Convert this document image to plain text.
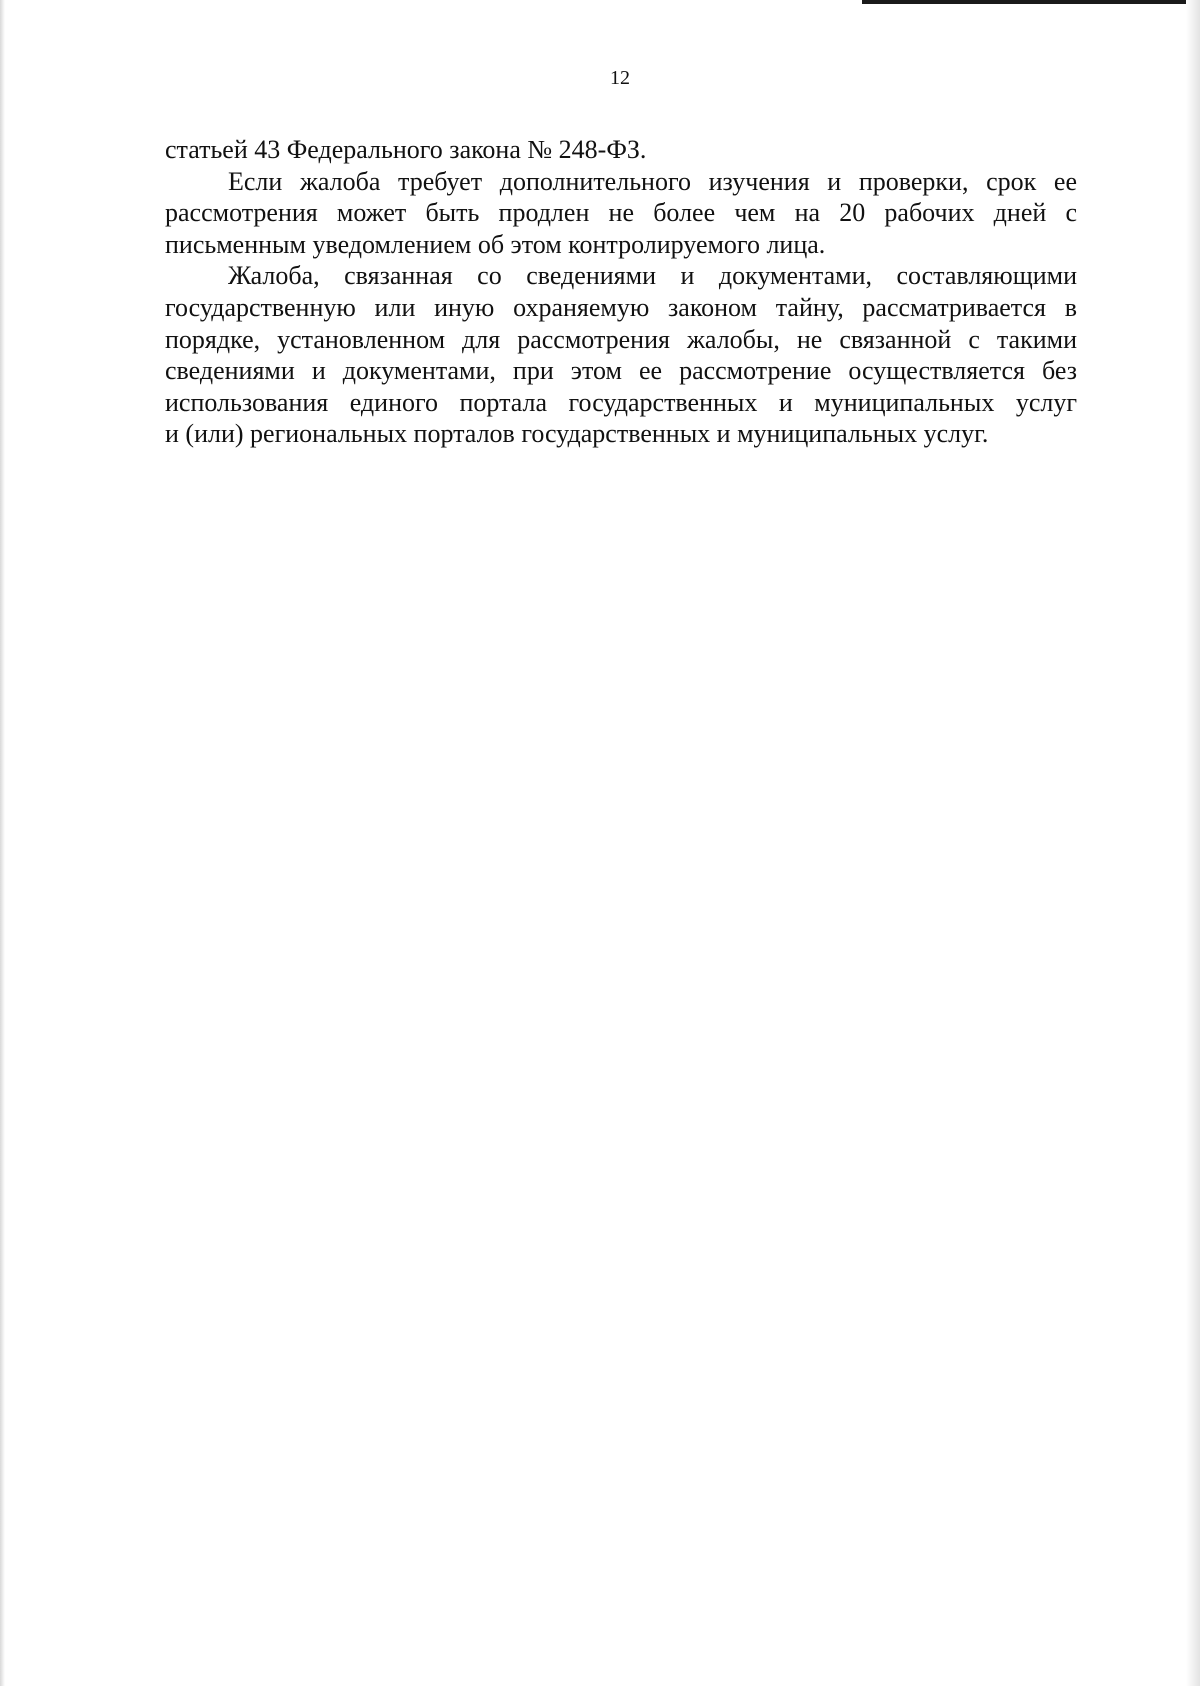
12
статьей 43 Федерального закона № 248-ФЗ.
Если жалоба требует дополнительного изучения и проверки, срок ее
рассмотрения может быть продлен не более чем на 20 рабочих дней с
письменным уведомлением об этом контролируемого лица.
Жалоба, связанная со сведениями и документами, составляющими
государственную или иную охраняемую законом тайну, рассматривается в
порядке, установленном для рассмотрения жалобы, не связанной с такими
сведениями и документами, при этом ее рассмотрение осуществляется без
использования единого портала государственных и муниципальных услуг
и (или) региональных порталов государственных и муниципальных услуг.
